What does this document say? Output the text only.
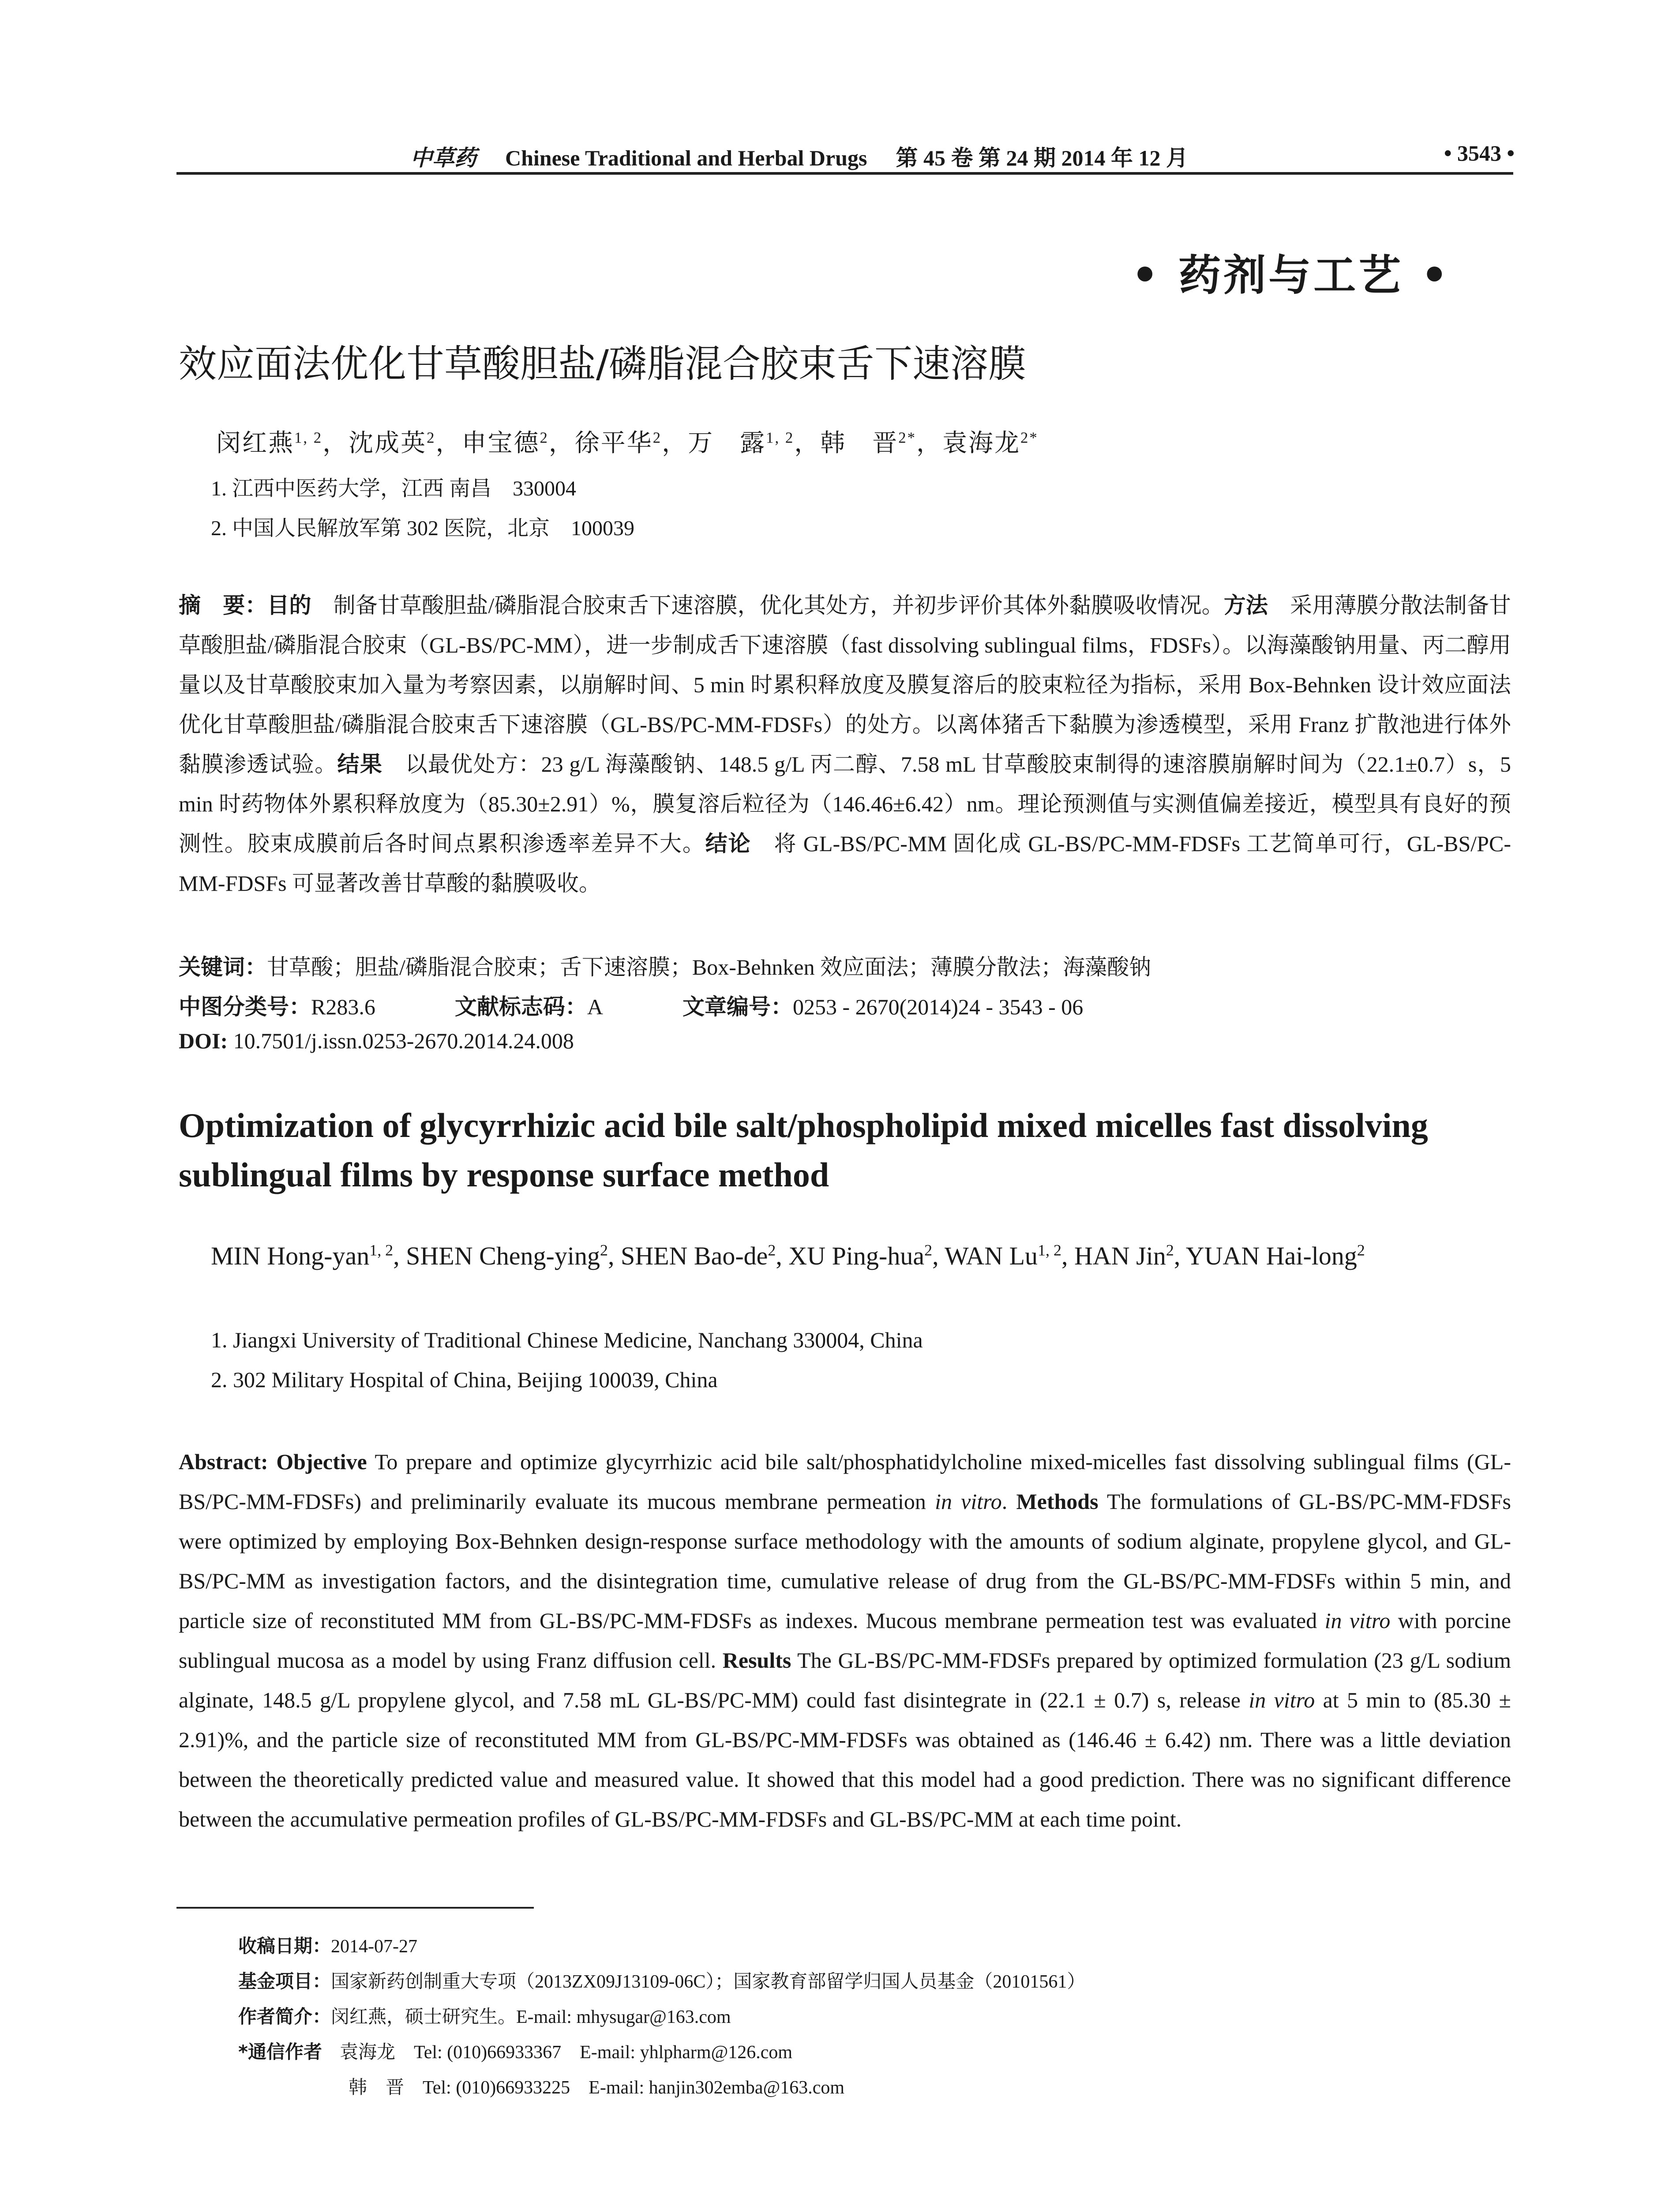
中草药 Chinese Traditional and Herbal Drugs 第 45 卷 第 24 期 2014 年 12 月	• 3543 •
• 药剂与工艺 •
效应面法优化甘草酸胆盐/磷脂混合胶束舌下速溶膜
闵红燕$^{1, 2}$，沈成英$^2$，申宝德$^2$，徐平华$^2$，万　露$^{1, 2}$，韩　晋$^{2*}$，袁海龙$^{2*}$
1. 江西中医药大学，江西 南昌　330004
2. 中国人民解放军第 302 医院，北京　100039
摘　要：目的　制备甘草酸胆盐/磷脂混合胶束舌下速溶膜，优化其处方，并初步评价其体外黏膜吸收情况。方法　采用薄膜分散法制备甘草酸胆盐/磷脂混合胶束（GL-BS/PC-MM），进一步制成舌下速溶膜（fast dissolving sublingual films，FDSFs）。以海藻酸钠用量、丙二醇用量以及甘草酸胶束加入量为考察因素，以崩解时间、5 min 时累积释放度及膜复溶后的胶束粒径为指标，采用 Box-Behnken 设计效应面法优化甘草酸胆盐/磷脂混合胶束舌下速溶膜（GL-BS/PC-MM-FDSFs）的处方。以离体猪舌下黏膜为渗透模型，采用 Franz 扩散池进行体外黏膜渗透试验。结果　以最优处方：23 g/L 海藻酸钠、148.5 g/L 丙二醇、7.58 mL 甘草酸胶束制得的速溶膜崩解时间为（22.1±0.7）s，5 min 时药物体外累积释放度为（85.30±2.91）%，膜复溶后粒径为（146.46±6.42）nm。理论预测值与实测值偏差接近，模型具有良好的预测性。胶束成膜前后各时间点累积渗透率差异不大。结论　将 GL-BS/PC-MM 固化成 GL-BS/PC-MM-FDSFs 工艺简单可行，GL-BS/PC-MM-FDSFs 可显著改善甘草酸的黏膜吸收。
关键词：甘草酸；胆盐/磷脂混合胶束；舌下速溶膜；Box-Behnken 效应面法；薄膜分散法；海藻酸钠
中图分类号：R283.6	文献标志码：A	文章编号：0253 - 2670(2014)24 - 3543 - 06
DOI: 10.7501/j.issn.0253-2670.2014.24.008
Optimization of glycyrrhizic acid bile salt/phospholipid mixed micelles fast dissolving sublingual films by response surface method
MIN Hong-yan$^{1, 2}$, SHEN Cheng-ying$^2$, SHEN Bao-$de^2$, XU Ping-hua$^2$, WAN Lu$^{1, 2}$, HAN Jin$^2$, YUAN Hai-long$^2$
1. Jiangxi University of Traditional Chinese Medicine, Nanchang 330004, China
2. 302 Military Hospital of China, Beijing 100039, China
Abstract: Objective To prepare and optimize glycyrrhizic acid bile salt/phosphatidylcholine mixed-micelles fast dissolving sublingual films (GL-BS/PC-MM-FDSFs) and preliminarily evaluate its mucous membrane permeation in vitro. Methods The formulations of GL-BS/PC-MM-FDSFs were optimized by employing Box-Behnken design-response surface methodology with the amounts of sodium alginate, propylene glycol, and GL-BS/PC-MM as investigation factors, and the disintegration time, cumulative release of drug from the GL-BS/PC-MM-FDSFs within 5 min, and particle size of reconstituted MM from GL-BS/PC-MM-FDSFs as indexes. Mucous membrane permeation test was evaluated in vitro with porcine sublingual mucosa as a model by using Franz diffusion cell. Results The GL-BS/PC-MM-FDSFs prepared by optimized formulation (23 g/L sodium alginate, 148.5 g/L propylene glycol, and 7.58 mL GL-BS/PC-MM) could fast disintegrate in (22.1 ± 0.7) s, release in vitro at 5 min to (85.30 ± 2.91)%, and the particle size of reconstituted MM from GL-BS/PC-MM-FDSFs was obtained as (146.46 ± 6.42) nm. There was a little deviation between the theoretically predicted value and measured value. It showed that this model had a good prediction. There was no significant difference between the accumulative permeation profiles of GL-BS/PC-MM-FDSFs and GL-BS/PC-MM at each time point.
收稿日期：2014-07-27
基金项目：国家新药创制重大专项（2013ZX09J13109-06C）；国家教育部留学归国人员基金（20101561）
作者简介：闵红燕，硕士研究生。E-mail: mhysugar@163.com
*通信作者 袁海龙　Tel: (010)66933367　E-mail: yhlpharm@126.com
韩　晋　Tel: (010)66933225　E-mail: hanjin302emba@163.com
